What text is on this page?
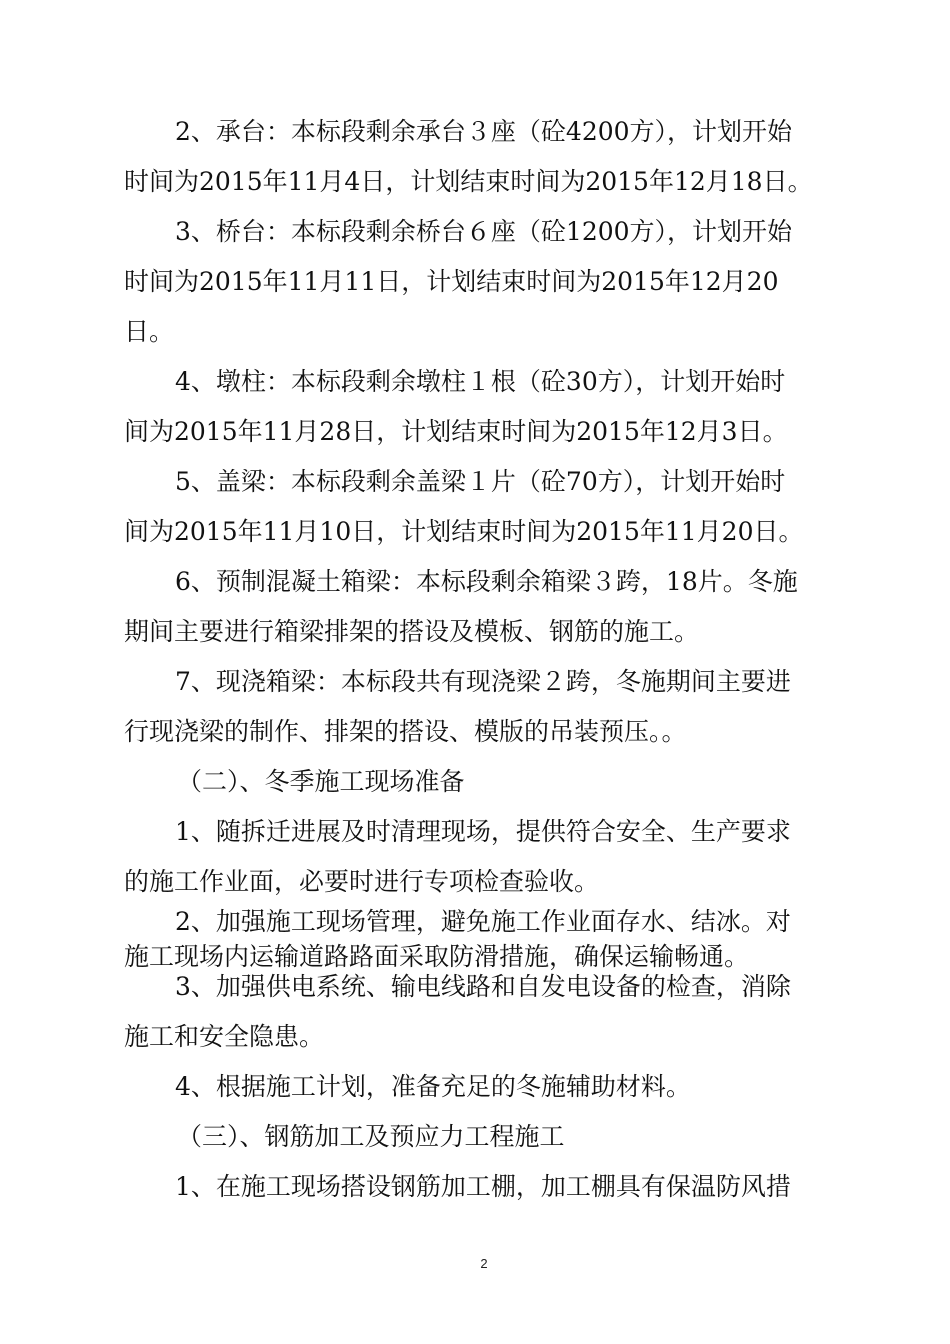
2、承台：本标段剩余承台３座（砼4200方），计划开始
时间为2015年11月4日，计划结束时间为2015年12月18日。
3、桥台：本标段剩余桥台６座（砼1200方），计划开始
时间为2015年11月11日，计划结束时间为2015年12月20
日。
4、墩柱：本标段剩余墩柱１根（砼30方），计划开始时
间为2015年11月28日，计划结束时间为2015年12月3日。
5、盖梁：本标段剩余盖梁１片（砼70方），计划开始时
间为2015年11月10日，计划结束时间为2015年11月20日。
6、预制混凝土箱梁：本标段剩余箱梁３跨，18片。冬施
期间主要进行箱梁排架的搭设及模板、钢筋的施工。
7、现浇箱梁：本标段共有现浇梁２跨，冬施期间主要进
行现浇梁的制作、排架的搭设、模版的吊装预压。。
（二）、冬季施工现场准备
1、随拆迁进展及时清理现场，提供符合安全、生产要求
的施工作业面，必要时进行专项检查验收。
2、加强施工现场管理，避免施工作业面存水、结冰。对
施工现场内运输道路路面采取防滑措施，确保运输畅通。
3、加强供电系统、输电线路和自发电设备的检查，消除
施工和安全隐患。
4、根据施工计划，准备充足的冬施辅助材料。
（三）、钢筋加工及预应力工程施工
1、在施工现场搭设钢筋加工棚，加工棚具有保温防风措
2
